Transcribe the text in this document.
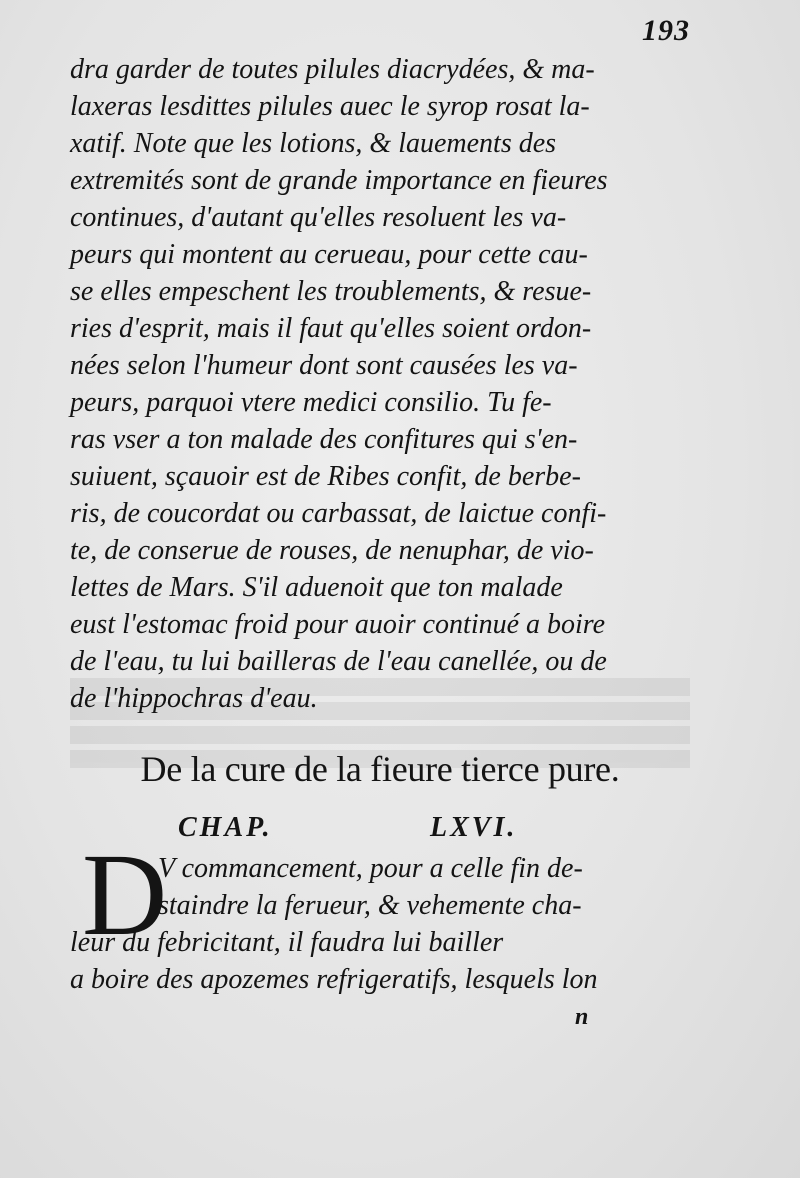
193
dra garder de toutes pilules diacrydées, & ma-
laxeras lesdittes pilules auec le syrop rosat la-
xatif. Note que les lotions, & lauements des
extremités sont de grande importance en fieures
continues, d'autant qu'elles resoluent les va-
peurs qui montent au cerueau, pour cette cau-
se elles empeschent les troublements, & resue-
ries d'esprit, mais il faut qu'elles soient ordon-
nées selon l'humeur dont sont causées les va-
peurs, parquoi vtere medici consilio. Tu fe-
ras vser a ton malade des confitures qui s'en-
suiuent, sçauoir est de Ribes confit, de berbe-
ris, de coucordat ou carbassat, de laictue confi-
te, de conserue de rouses, de nenuphar, de vio-
lettes de Mars. S'il aduenoit que ton malade
eust l'estomac froid pour auoir continué a boire
de l'eau, tu lui bailleras de l'eau canellée, ou de
de l'hippochras d'eau.
De la cure de la fieure tierce pure.
CHAP.	LXVI.
D
V commancement, pour a celle fin de-
staindre la ferueur, & vehemente cha-
leur du febricitant, il faudra lui bailler
a boire des apozemes refrigeratifs, lesquels lon
n
